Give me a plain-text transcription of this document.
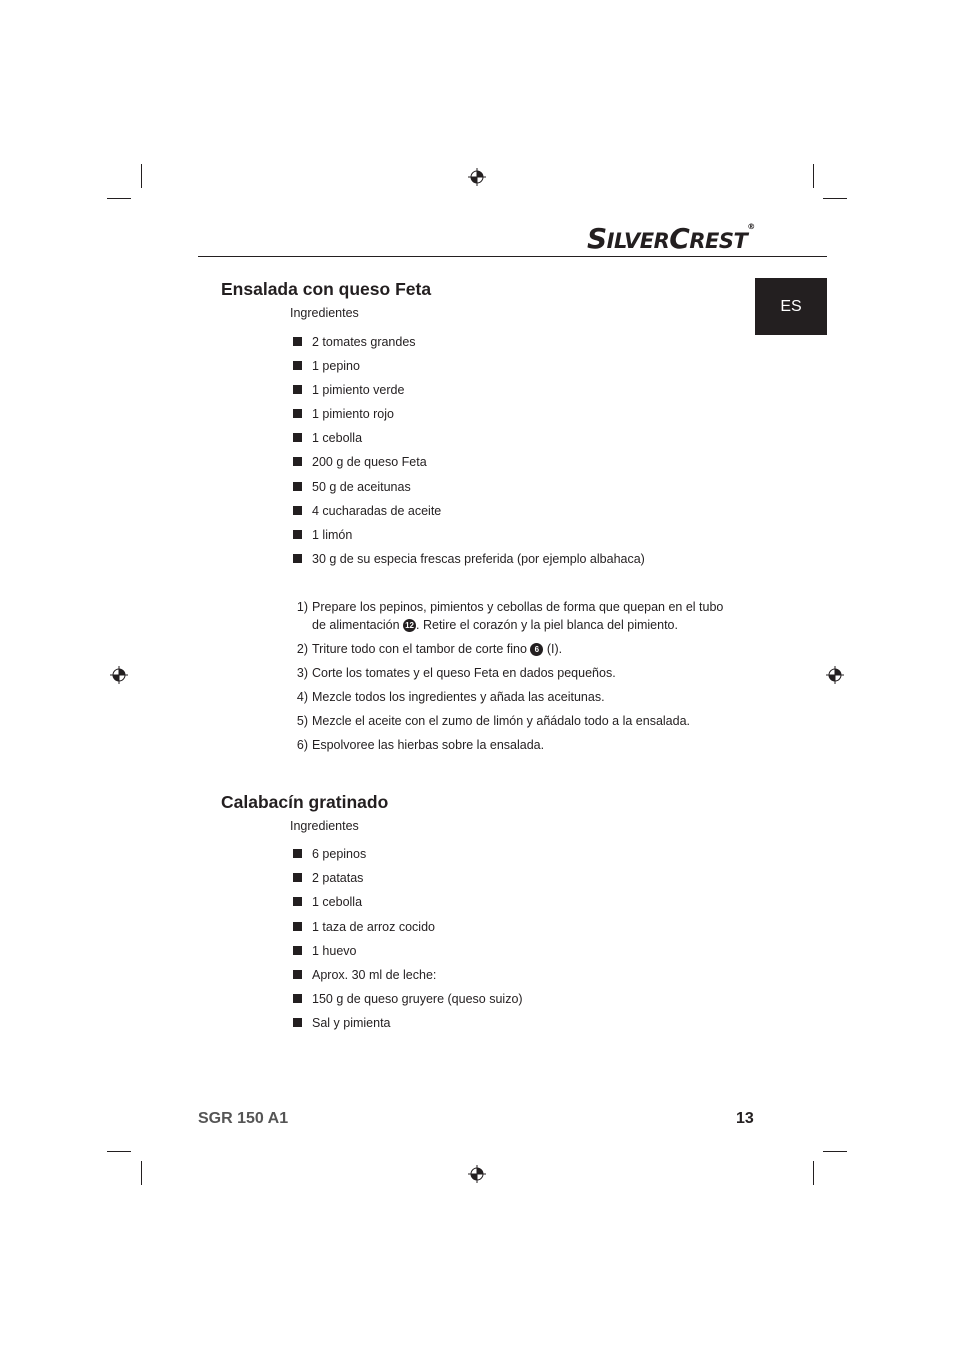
SILVERCREST®
ES
Ensalada con queso Feta
Ingredientes
2 tomates grandes
1 pepino
1 pimiento verde
1 pimiento rojo
1 cebolla
200 g de queso Feta
50 g de aceitunas
4 cucharadas de aceite
1 limón
30 g de su especia frescas preferida (por ejemplo albahaca)
1) Prepare los pepinos, pimientos y cebollas de forma que quepan en el tubo
de alimentación 12 . Retire el corazón y la piel blanca del pimiento.
2) Triture todo con el tambor de corte fino 6 (I).
3) Corte los tomates y el queso Feta en dados pequeños.
4) Mezcle todos los ingredientes y añada las aceitunas.
5) Mezcle el aceite con el zumo de limón y añádalo todo a la ensalada.
6) Espolvoree las hierbas sobre la ensalada.
Calabacín gratinado
Ingredientes
6 pepinos
2 patatas
1 cebolla
1 taza de arroz cocido
1 huevo
Aprox. 30 ml de leche:
150 g de queso gruyere (queso suizo)
Sal y pimienta
SGR 150 A1	13
